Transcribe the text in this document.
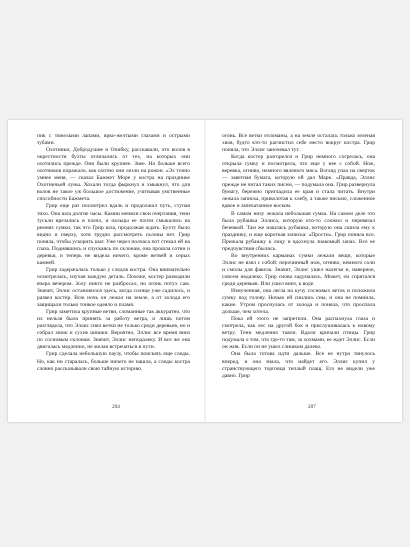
пик с тяжелыми лапами, ярко-желтыми глазами и острыми зубами.

Охотники, Добродушие и Опибку, расскавали, что волов в окрестности бухты отличались от тех, на которых они охотились прежде. Они были крупнее. Зиее. Но больше всего охотников поражало, как охотно они лезли на рожон. «Эх точно умнее меня, — сказал Бажмет Море у костра на празднике Охотничьей луны. Хохали тогда фыркнул и хмыкнул, что для волов не такое уж большое достижение, учитывая умственные способности Бажмета.

Грир еще раз посмотрел вдаль и продолжил путь, ступая тихо. Она шла долгие часы. Камни меняли свои очертания, тени тускли врезались в плечо, и пальцы ее почти смыкались на ремнях сумки, так что Грир шла, продолжая ждать. Бухту было видно и сверху, хотя трудно рассмотреть склоны нет. Грир поняла, чтобы ускорить шаг. Уже через полчаса пот стекал ей на глаза. Поднявшись и спускаясь по склонам, она прошла сотни и деревья, и теперь не видела ничего, кроме ветвей и серых камней.

Грир задержалась только у следов костра. Она внимательно осмотрелась, изучая каждую деталь. Похоже, костер разводили вчера вечером. Золу никто не разбросал, но огонь потух сам. Значит, Эллис остановился здесь, когда солнце уже садилось, и развел костер. Всю ночь он лежал на земле, а от холода его защищали только тонкое одеяло и пламя.

Грир заметила крупные ветви, сломанные так аккуратно, что их нельзя было принять за работу ветра, и лишь потом разглядела, что Эллис снял ветки не только среди деревьев, но и собрал хвою и сухие шишки. Вероятно, Эллис все время вниз по сосновым склонам. Значит, Эллис неподалеку. И все же она двигалась медленно, не желая встречаться в пути.

Грир сделала небольшую паузу, чтобы поискать еще следы. Но, как ни старалась, больше ничего не нашла, а следы костра словно рассказывали свою тайную историю.

204

огонь. Все ветки отломаны, а на земле осталась только зеленая хвоя, будто кто-то расчистил себе место вокруг костра. Грир поняла, что Эллис заночевал тут.

Когда костер разгорелся и Грир немного согрелась, она открыла сумку и посмотрела, что еще у нее с собой. Нож, веревка, огниво, немного вяленого мяса. Взгляд упал на сверток — заветная бумага, которую ей дал Марк. «Правда, Эллис прежде не читал таких писем, — подумала она. Грир развернула бумагу, бережно пригладила ее края и стала читать. Внутри лежала записка, приколотая к хлебу, а также письмо, сложенное вдвое и запечатанное воском.

В самом низу лежала небольшая сумка. На самом деле это была рубашка Эллиса, которую кто-то сложил и перевязал бечевкой. Там же нашлась рубашка, которую она сшила ему к празднику, и еще короткая записка: «Прости». Грир поняла все. Прижала рубашку к лицу и вдохнула знакомый запах. Все ее предчувствия сбылись.

Во внутренних карманах сумки лежали вещи, которые Эллис не взял с собой: перочинный нож, огниво, немного соли и смолы для факела. Значит, Эллис ушел налегке и, наверное, совсем недалеко. Грир снова задумалась. Может, он спрятался среди деревьев. Или ушел вниз, к воде.

Измученная, она легла на кучу сосновых веток и положила сумку под голову. Ночью ей снились сны, и она не помнила, какие. Утром проснулась от холода и поняла, что проспала дольше, чем хотела.

Пока ей этого не запретили. Она распахнула глаза и смотрела, как лес на другой бок и прислушивалась к новому ветру. Тени медленно таяли. Вдали кричали птицы. Грир подумала о том, что где-то там, за холмами, ее ждет Эллис. Если он жив. Если он не ушел слишком далеко.

Она была готова идти дальше. Все ее нутро тянулось вперед, и она знала, что найдет его. Эллис купил у странствующего торговца теплый плащ. Его не видели уже давно. Грир

207
